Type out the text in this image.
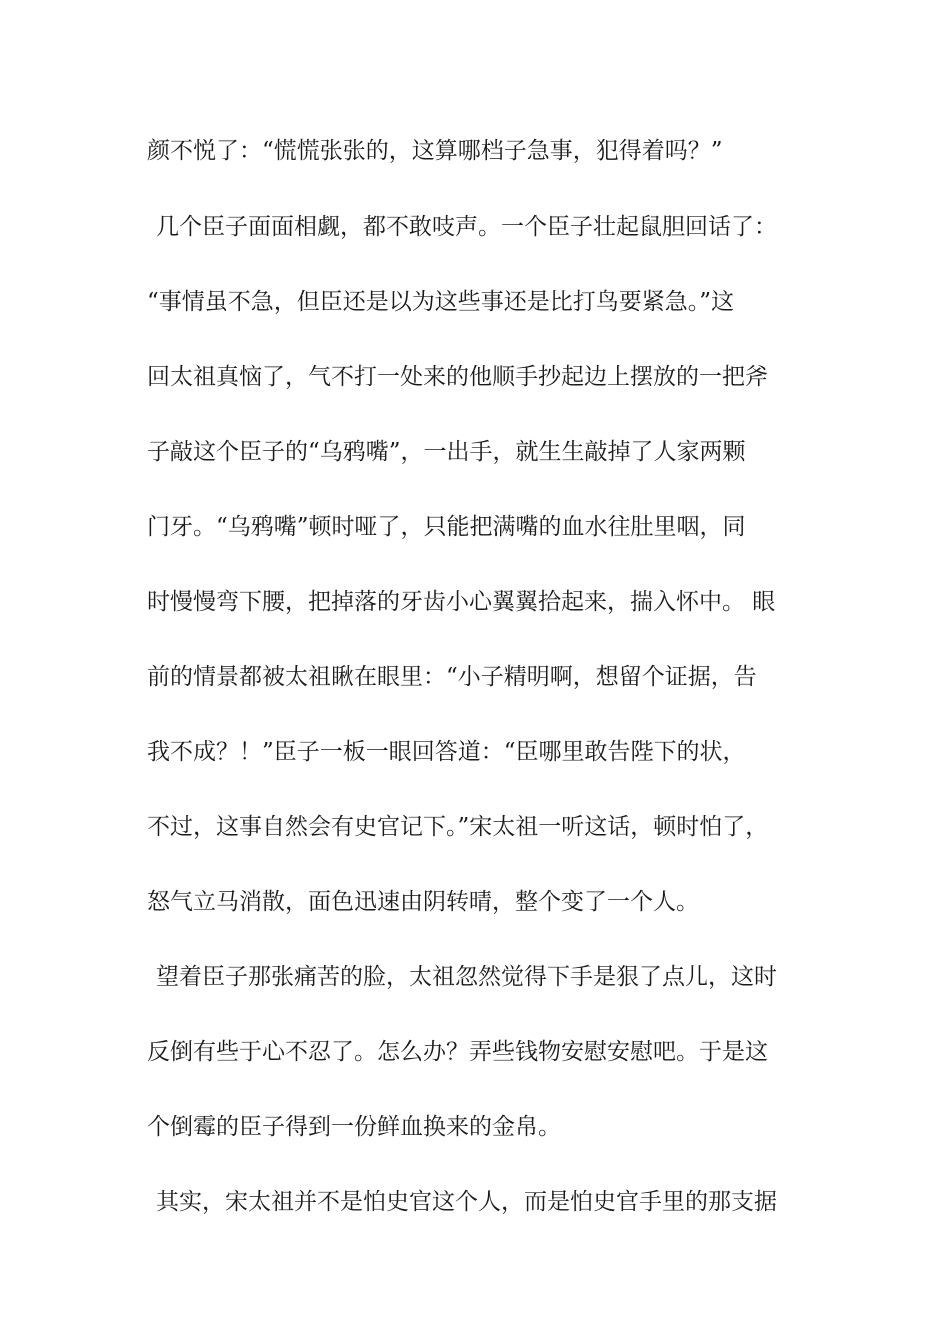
颜不悦了：“慌慌张张的，这算哪档子急事，犯得着吗？”
几个臣子面面相觑，都不敢吱声。一个臣子壮起鼠胆回话了：
“事情虽不急，但臣还是以为这些事还是比打鸟要紧急。”这
回太祖真恼了，气不打一处来的他顺手抄起边上摆放的一把斧
子敲这个臣子的“乌鸦嘴”，一出手，就生生敲掉了人家两颗
门牙。“乌鸦嘴”顿时哑了，只能把满嘴的血水往肚里咽，同
时慢慢弯下腰，把掉落的牙齿小心翼翼拾起来，揣入怀中。 眼
前的情景都被太祖瞅在眼里：“小子精明啊，想留个证据，告
我不成？！”臣子一板一眼回答道：“臣哪里敢告陛下的状，
不过，这事自然会有史官记下。”宋太祖一听这话，顿时怕了，
怒气立马消散，面色迅速由阴转晴，整个变了一个人。
望着臣子那张痛苦的脸，太祖忽然觉得下手是狠了点儿，这时
反倒有些于心不忍了。怎么办？弄些钱物安慰安慰吧。于是这
个倒霉的臣子得到一份鲜血换来的金帛。
其实，宋太祖并不是怕史官这个人，而是怕史官手里的那支据
